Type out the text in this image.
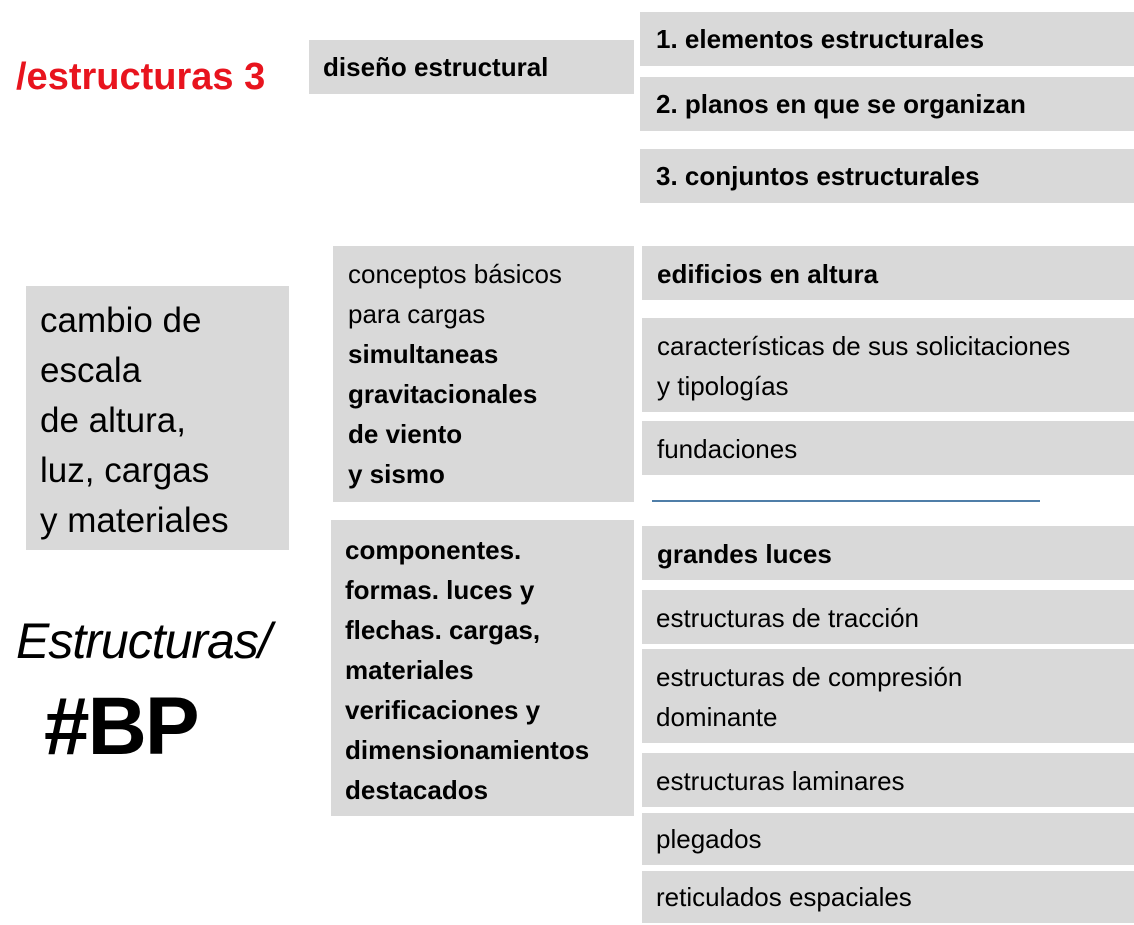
/estructuras 3 diseño estructural
1. elementos estructurales
2. planos en que se organizan
3. conjuntos estructurales
cambio de
escala
de altura,
luz, cargas
y materiales
conceptos básicos
para cargas
simultaneas
gravitacionales
de viento
y sismo
componentes.
formas. luces y
flechas. cargas,
materiales
verificaciones y
dimensionamientos
destacados
edificios en altura
características de sus solicitaciones
y tipologías
fundaciones
grandes luces
estructuras de tracción
estructuras de compresión
dominante
estructuras laminares
plegados
reticulados espaciales
Estructuras/
#BP
